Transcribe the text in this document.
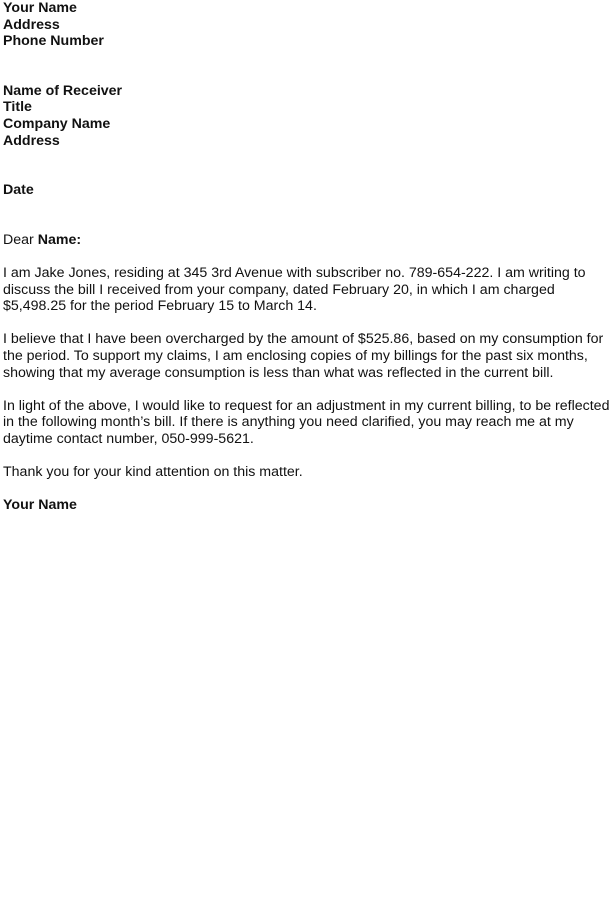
Your Name
Address
Phone Number
Name of Receiver
Title
Company Name
Address
Date
Dear Name:

I am Jake Jones, residing at 345 3rd Avenue with subscriber no. 789-654-222. I am writing to discuss the bill I received from your company, dated February 20, in which I am charged $5,498.25 for the period February 15 to March 14.

I believe that I have been overcharged by the amount of $525.86, based on my consumption for the period. To support my claims, I am enclosing copies of my billings for the past six months, showing that my average consumption is less than what was reflected in the current bill.

In light of the above, I would like to request for an adjustment in my current billing, to be reflected in the following month’s bill. If there is anything you need clarified, you may reach me at my daytime contact number, 050-999-5621.

Thank you for your kind attention on this matter.

Your Name
